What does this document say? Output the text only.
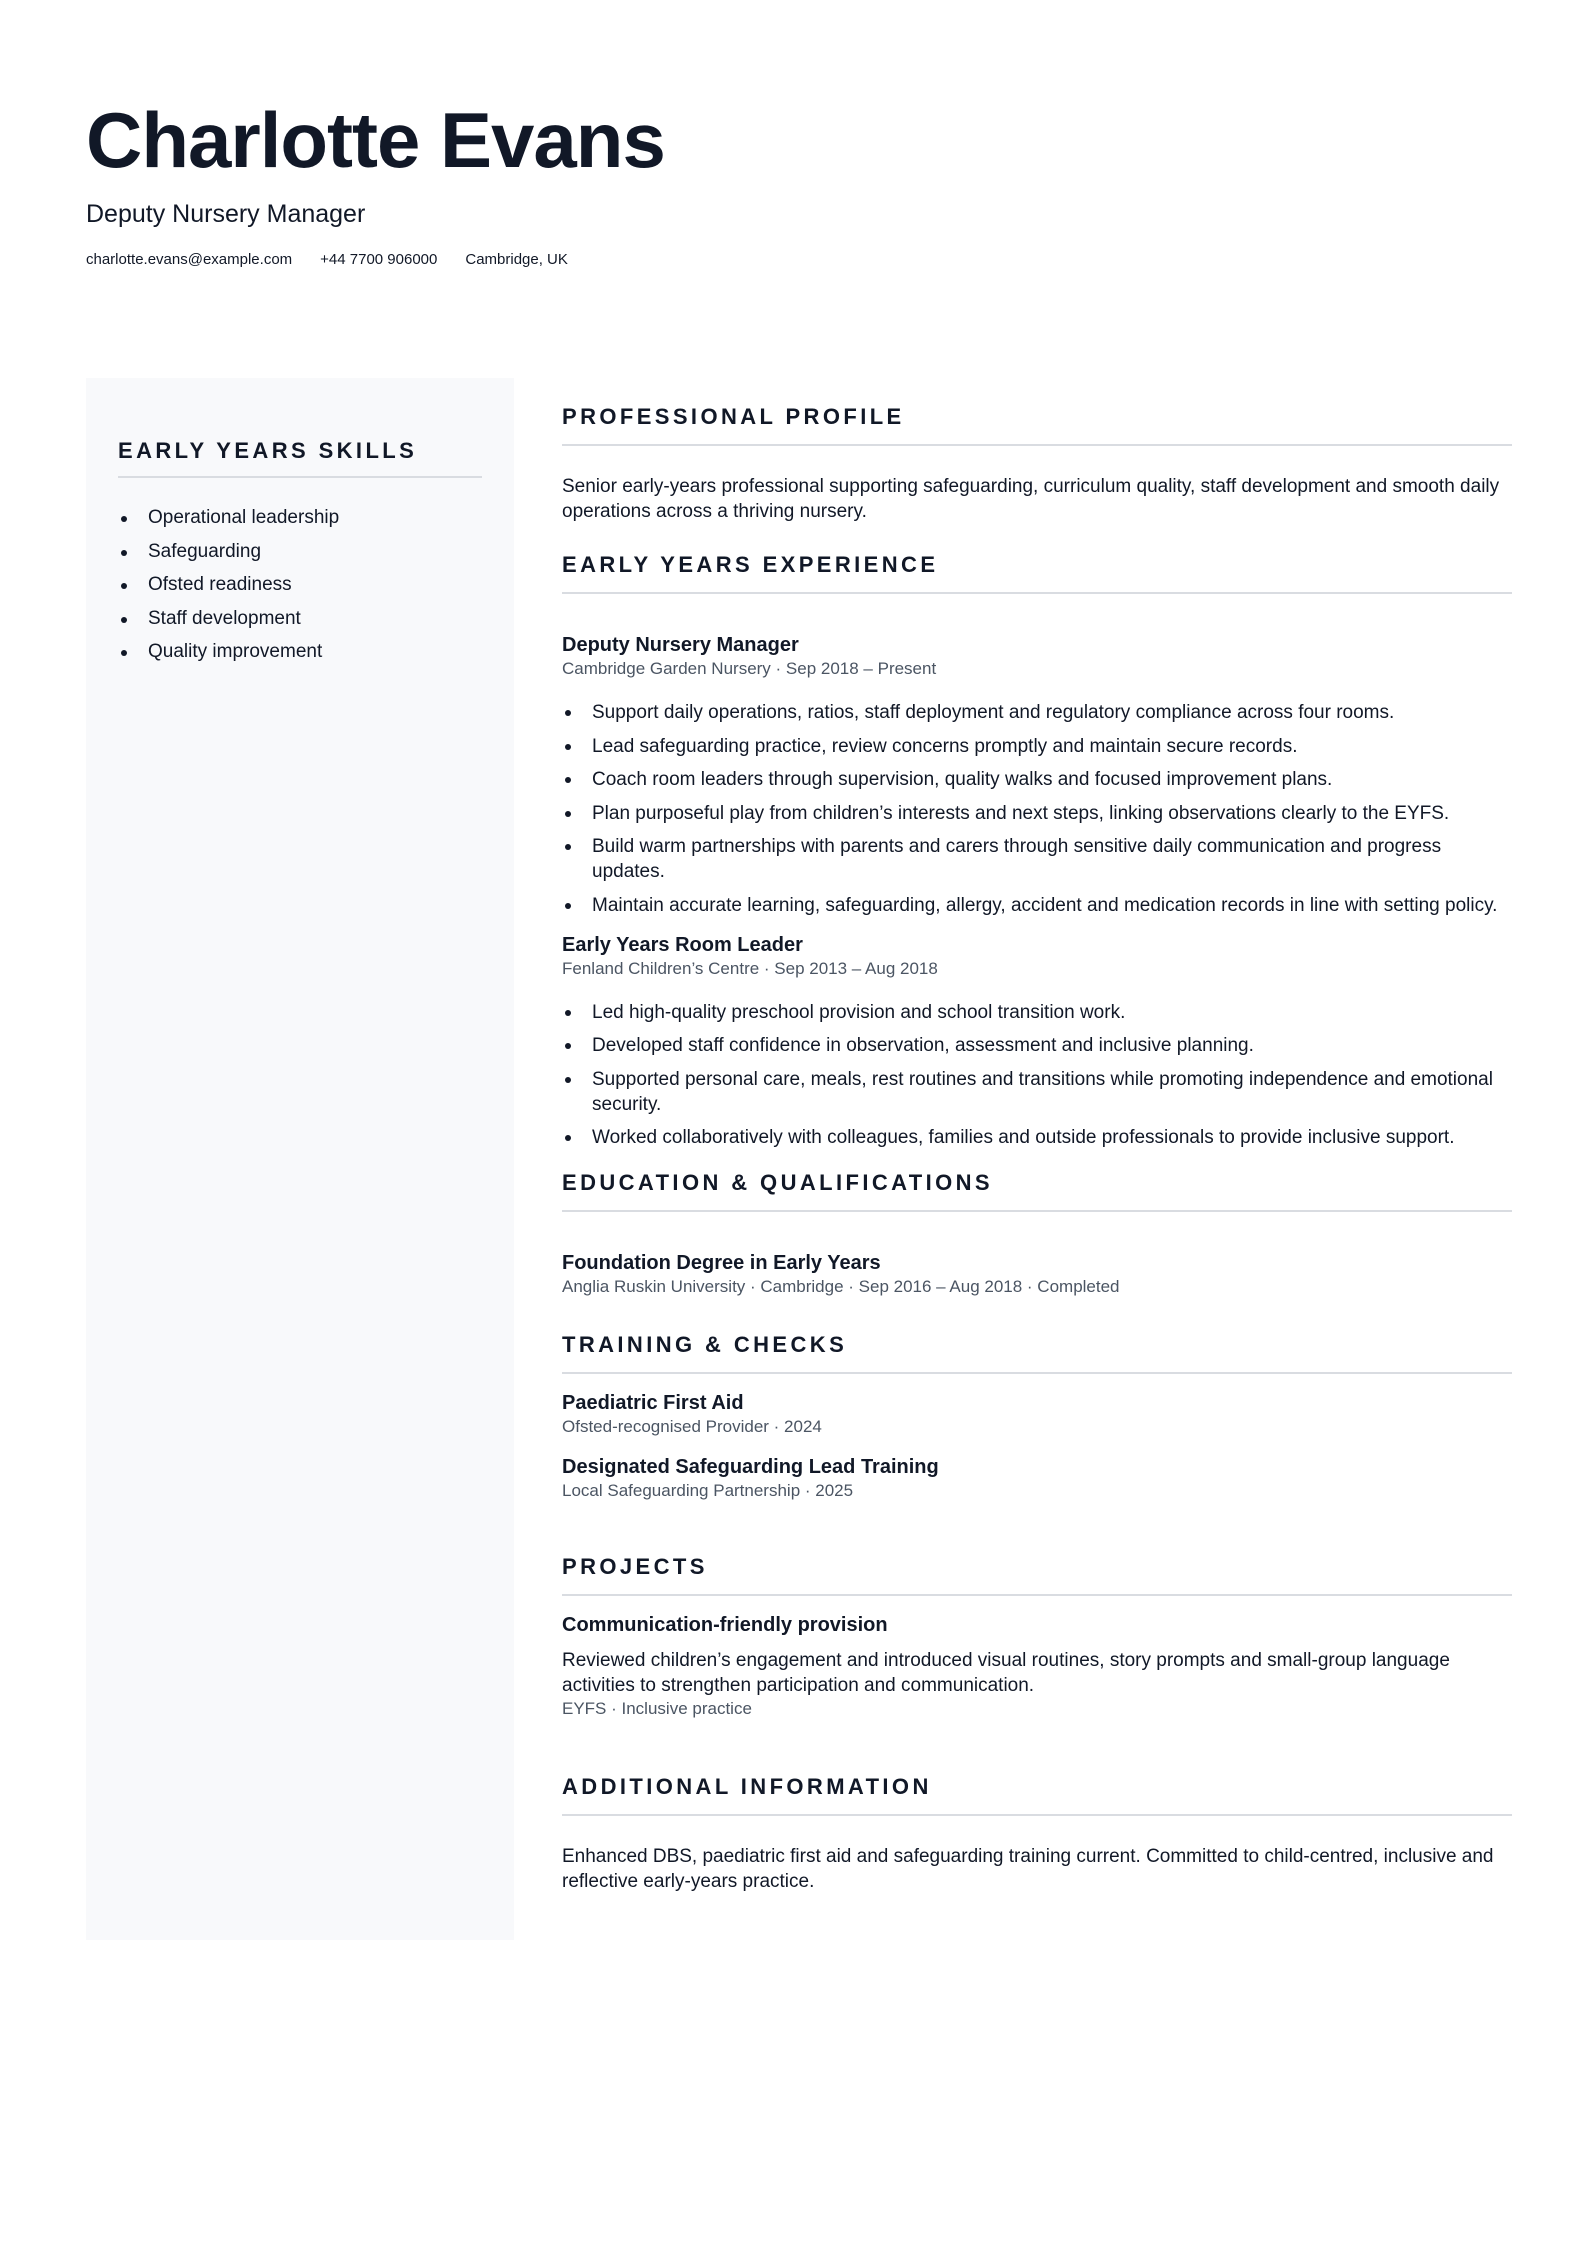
Charlotte Evans
Deputy Nursery Manager
charlotte.evans@example.com +44 7700 906000 Cambridge, UK
EARLY YEARS SKILLS
Operational leadership
Safeguarding
Ofsted readiness
Staff development
Quality improvement
PROFESSIONAL PROFILE

Senior early-years professional supporting safeguarding, curriculum quality, staff development and smooth daily operations across a thriving nursery.

EARLY YEARS EXPERIENCE
Deputy Nursery Manager
Cambridge Garden Nursery · Sep 2018 – Present
Support daily operations, ratios, staff deployment and regulatory compliance across four rooms.
Lead safeguarding practice, review concerns promptly and maintain secure records.
Coach room leaders through supervision, quality walks and focused improvement plans.
Plan purposeful play from children’s interests and next steps, linking observations clearly to the EYFS.
Build warm partnerships with parents and carers through sensitive daily communication and progress updates.
Maintain accurate learning, safeguarding, allergy, accident and medication records in line with setting policy.
Early Years Room Leader
Fenland Children’s Centre · Sep 2013 – Aug 2018
Led high-quality preschool provision and school transition work.
Developed staff confidence in observation, assessment and inclusive planning.
Supported personal care, meals, rest routines and transitions while promoting independence and emotional security.
Worked collaboratively with colleagues, families and outside professionals to provide inclusive support.
EDUCATION & QUALIFICATIONS
Foundation Degree in Early Years
Anglia Ruskin University · Cambridge · Sep 2016 – Aug 2018 · Completed
TRAINING & CHECKS
Paediatric First Aid
Ofsted-recognised Provider · 2024
Designated Safeguarding Lead Training
Local Safeguarding Partnership · 2025
PROJECTS
Communication-friendly provision

Reviewed children’s engagement and introduced visual routines, story prompts and small-group language activities to strengthen participation and communication.

EYFS · Inclusive practice
ADDITIONAL INFORMATION

Enhanced DBS, paediatric first aid and safeguarding training current. Committed to child-centred, inclusive and reflective early-years practice.
